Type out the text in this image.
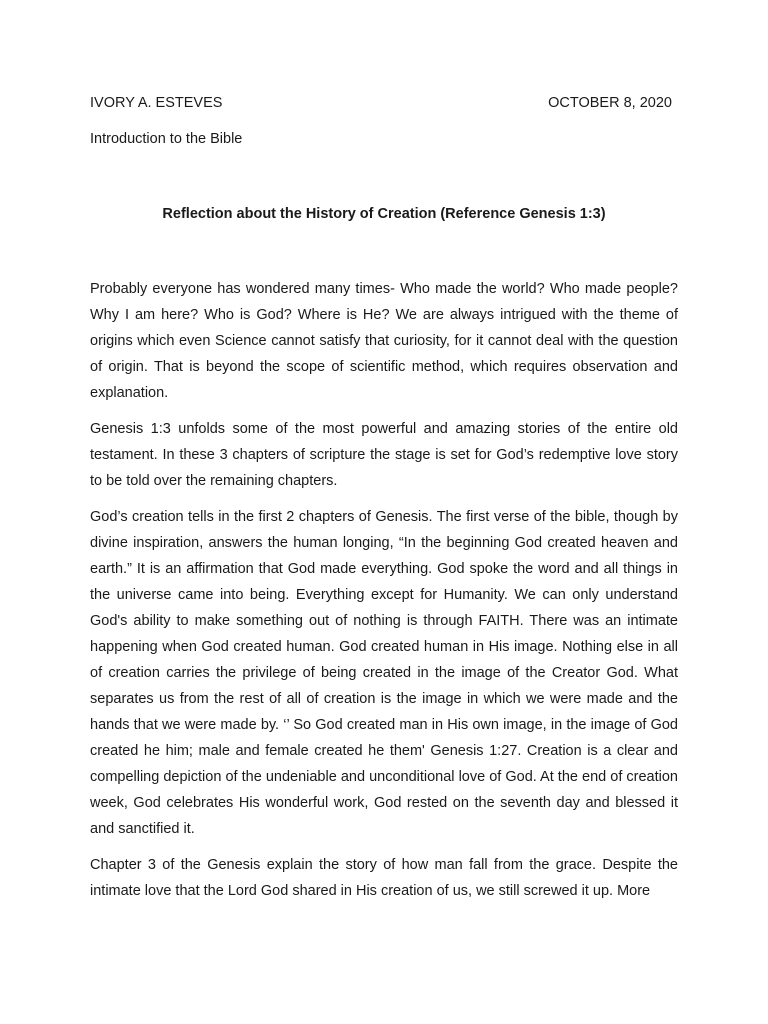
IVORY A. ESTEVES	OCTOBER 8, 2020
Introduction to the Bible
Reflection about the History of Creation (Reference Genesis 1:3)

Probably everyone has wondered many times- Who made the world? Who made people? Why I am here? Who is God? Where is He? We are always intrigued with the theme of origins which even Science cannot satisfy that curiosity, for it cannot deal with the question of origin. That is beyond the scope of scientific method, which requires observation and explanation.

Genesis 1:3 unfolds some of the most powerful and amazing stories of the entire old testament. In these 3 chapters of scripture the stage is set for God’s redemptive love story to be told over the remaining chapters.

God’s creation tells in the first 2 chapters of Genesis. The first verse of the bible, though by divine inspiration, answers the human longing, “In the beginning God created heaven and earth.” It is an affirmation that God made everything. God spoke the word and all things in the universe came into being. Everything except for Humanity. We can only understand God's ability to make something out of nothing is through FAITH. There was an intimate happening when God created human. God created human in His image. Nothing else in all of creation carries the privilege of being created in the image of the Creator God. What separates us from the rest of all of creation is the image in which we were made and the hands that we were made by. ‘’ So God created man in His own image, in the image of God created he him; male and female created he them' Genesis 1:27. Creation is a clear and compelling depiction of the undeniable and unconditional love of God. At the end of creation week, God celebrates His wonderful work, God rested on the seventh day and blessed it and sanctified it.

Chapter 3 of the Genesis explain the story of how man fall from the grace. Despite the intimate love that the Lord God shared in His creation of us, we still screwed it up. More
